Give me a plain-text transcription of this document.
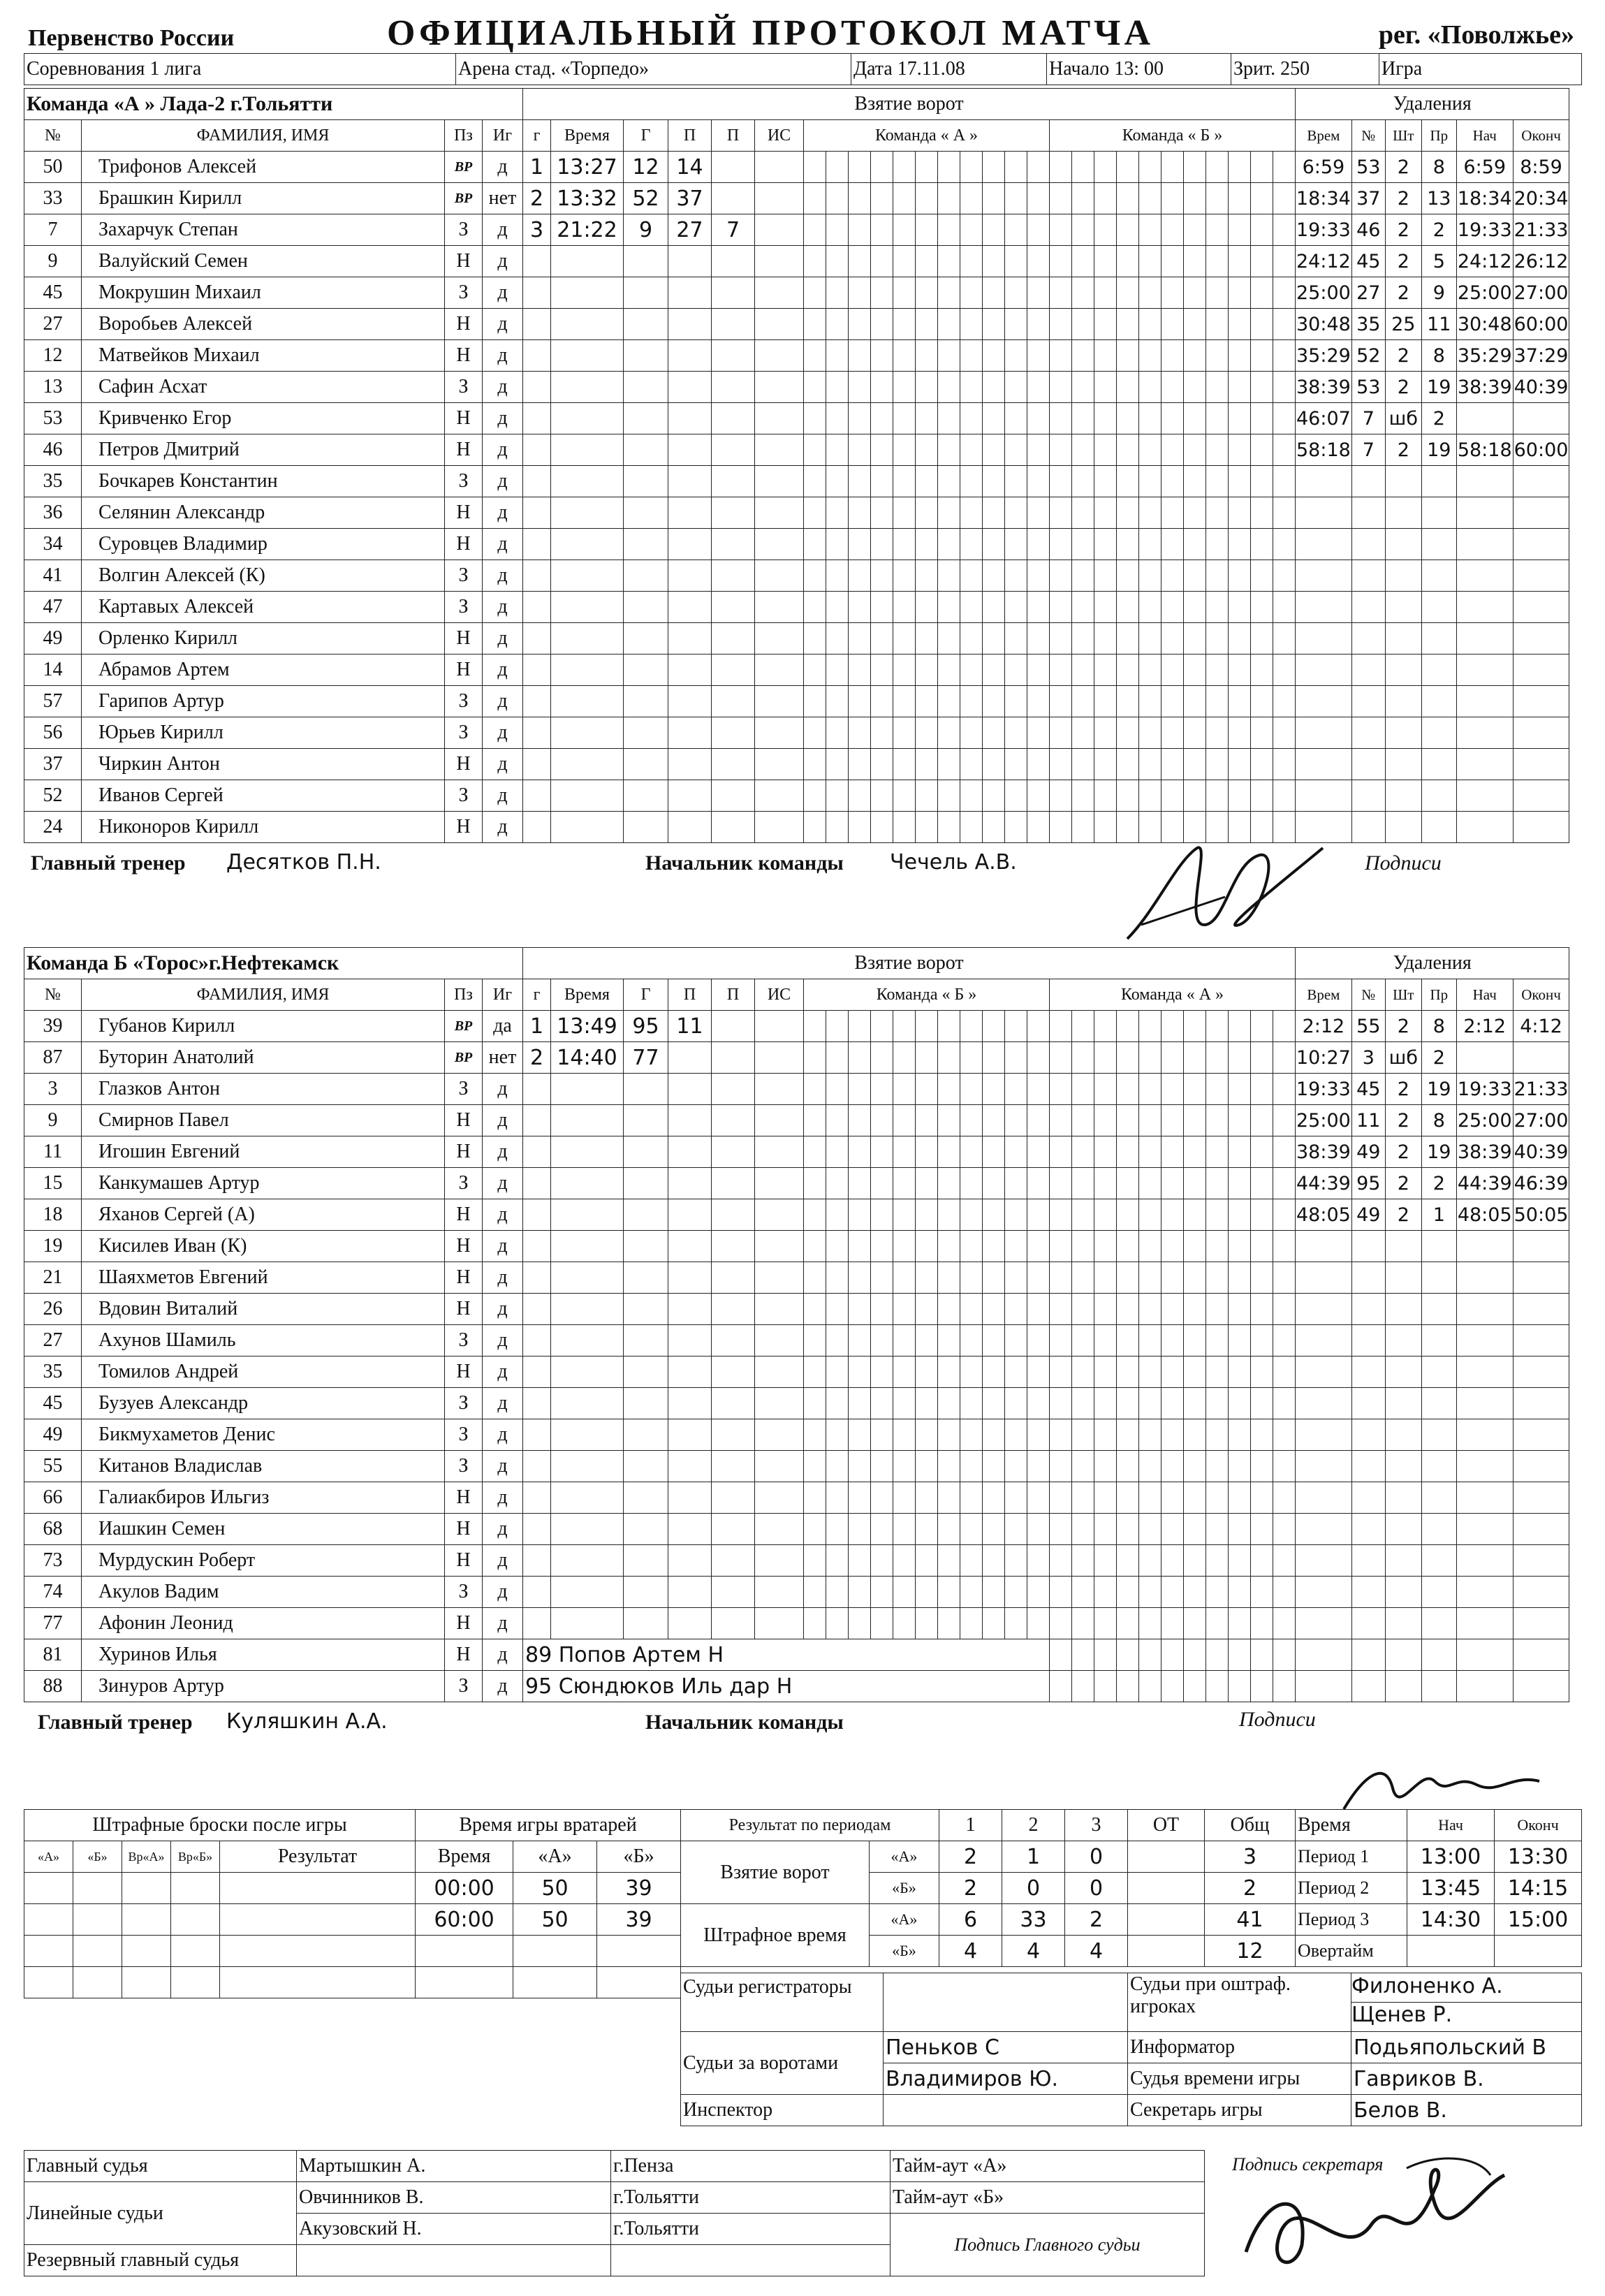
Первенство России	ОФИЦИАЛЬНЫЙ ПРОТОКОЛ МАТЧА	рег. «Поволжье»
Соревнования 1 лига	Арена стад. «Торпедо»	Дата 17.11.08	Начало 13: 00	Зрит. 250	Игра
Команда «А » Лада-2 г.Тольятти				Взятие ворот																												Удаления					
№	ФАМИЛИЯ, ИМЯ	Пз	Иг	г	Время	Г	П	П	ИС	Команда « А »											Команда « Б »											Врем	№	Шт	Пр	Нач	Оконч
50	Трифонов Алексей	ВР	д	1	13:27	12	14																									6:59	53	2	8	6:59	8:59
33	Брашкин Кирилл	ВР	нет	2	13:32	52	37																									18:34	37	2	13	18:34	20:34
7	Захарчук Степан	З	д	3	21:22	9	27	7																								19:33	46	2	2	19:33	21:33
9	Валуйский Семен	Н	д																													24:12	45	2	5	24:12	26:12
45	Мокрушин Михаил	З	д																													25:00	27	2	9	25:00	27:00
27	Воробьев Алексей	Н	д																													30:48	35	25	11	30:48	60:00
12	Матвейков Михаил	Н	д																													35:29	52	2	8	35:29	37:29
13	Сафин Асхат	З	д																													38:39	53	2	19	38:39	40:39
53	Кривченко Егор	Н	д																													46:07	7	шб	2		
46	Петров Дмитрий	Н	д																													58:18	7	2	19	58:18	60:00
35	Бочкарев Константин	З	д																																		
36	Селянин Александр	Н	д																																		
34	Суровцев Владимир	Н	д																																		
41	Волгин Алексей (К)	З	д																																		
47	Картавых Алексей	З	д																																		
49	Орленко Кирилл	Н	д																																		
14	Абрамов Артем	Н	д																																		
57	Гарипов Артур	З	д																																		
56	Юрьев Кирилл	З	д																																		
37	Чиркин Антон	Н	д																																		
52	Иванов Сергей	З	д																																		
24	Никоноров Кирилл	Н	д																																		
Главный тренер Десятков П.Н.	Начальник команды Чечель А.В.	Подписи
Команда Б «Торос»г.Нефтекамск				Взятие ворот																												Удаления					
№	ФАМИЛИЯ, ИМЯ	Пз	Иг	г	Время	Г	П	П	ИС	Команда « Б »											Команда « А »											Врем	№	Шт	Пр	Нач	Оконч
39	Губанов Кирилл	ВР	да	1	13:49	95	11																									2:12	55	2	8	2:12	4:12
87	Буторин Анатолий	ВР	нет	2	14:40	77																										10:27	3	шб	2		
3	Глазков Антон	З	д																													19:33	45	2	19	19:33	21:33
9	Смирнов Павел	Н	д																													25:00	11	2	8	25:00	27:00
11	Игошин Евгений	Н	д																													38:39	49	2	19	38:39	40:39
15	Канкумашев Артур	З	д																													44:39	95	2	2	44:39	46:39
18	Яханов Сергей (А)	Н	д																													48:05	49	2	1	48:05	50:05
19	Кисилев Иван (К)	Н	д																																		
21	Шаяхметов Евгений	Н	д																																		
26	Вдовин Виталий	Н	д																																		
27	Ахунов Шамиль	З	д																																		
35	Томилов Андрей	Н	д																																		
45	Бузуев Александр	З	д																																		
49	Бикмухаметов Денис	З	д																																		
55	Китанов Владислав	З	д																																		
66	Галиакбиров Ильгиз	Н	д																																		
68	Иашкин Семен	Н	д																																		
73	Мурдускин Роберт	Н	д																																		
74	Акулов Вадим	З	д																																		
77	Афонин Леонид	Н	д																																		
81	Хуринов Илья	Н	д	89 Попов Артем Н																																	
88	Зинуров Артур	З	д	95 Сюндюков Иль дар Н																																	
Главный тренер Куляшкин А.А.	Начальник команды	Подписи
Штрафные броски после игры					Время игры вратарей		
«А»	«Б»	Вр«А»	Вр«Б»	Результат	Время	«А»	«Б»
					00:00	50	39
					60:00	50	39

Результат по периодам		1	2	3	ОТ	Общ
Взятие ворот	«А»	2	1	0		3
	«Б»	2	0	0		2
Штрафное время	«А»	6	33	2		41
	«Б»	4	4	4		12
Время	Нач	Оконч
Период 1	13:00	13:30
Период 2	13:45	14:15
Период 3	14:30	15:00
Овертайм		
Судьи регистраторы		Судьи при оштраф. игроках	Филоненко А.
Щенев Р.

Судьи за воротами	Пеньков С	Информатор	Подьяпольский В
	Владимиров Ю.	Судья времени игры	Гавриков В.
Инспектор		Секретарь игры	Белов В.
Главный судья	Мартышкин А.	г.Пенза	Тайм-аут «А»
Линейные судьи	Овчинников В.	г.Тольятти	Тайм-аут «Б»
	Акузовский Н.	г.Тольятти	Подпись Главного судьи
Резервный главный судья			
Подпись секретаря
